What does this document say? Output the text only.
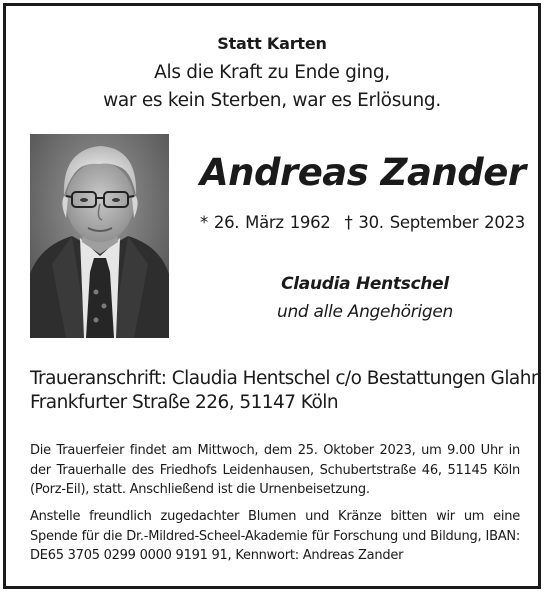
Statt Karten
Als die Kraft zu Ende ging,
war es kein Sterben, war es Erlösung.
Andreas Zander
* 26. März 1962 † 30. September 2023
Claudia Hentschel
und alle Angehörigen
Traueranschrift: Claudia Hentschel c/o Bestattungen Glahn
Frankfurter Straße 226, 51147 Köln
Die Trauerfeier findet am Mittwoch, dem 25. Oktober 2023, um 9.00 Uhr in der Trauerhalle des Friedhofs Leidenhausen, Schubertstraße 46, 51145 Köln (Porz-Eil), statt. Anschließend ist die Urnenbeisetzung.
Anstelle freundlich zugedachter Blumen und Kränze bitten wir um eine Spende für die Dr.-Mildred-Scheel-Akademie für Forschung und Bildung, IBAN: DE65 3705 0299 0000 9191 91, Kennwort: Andreas Zander
